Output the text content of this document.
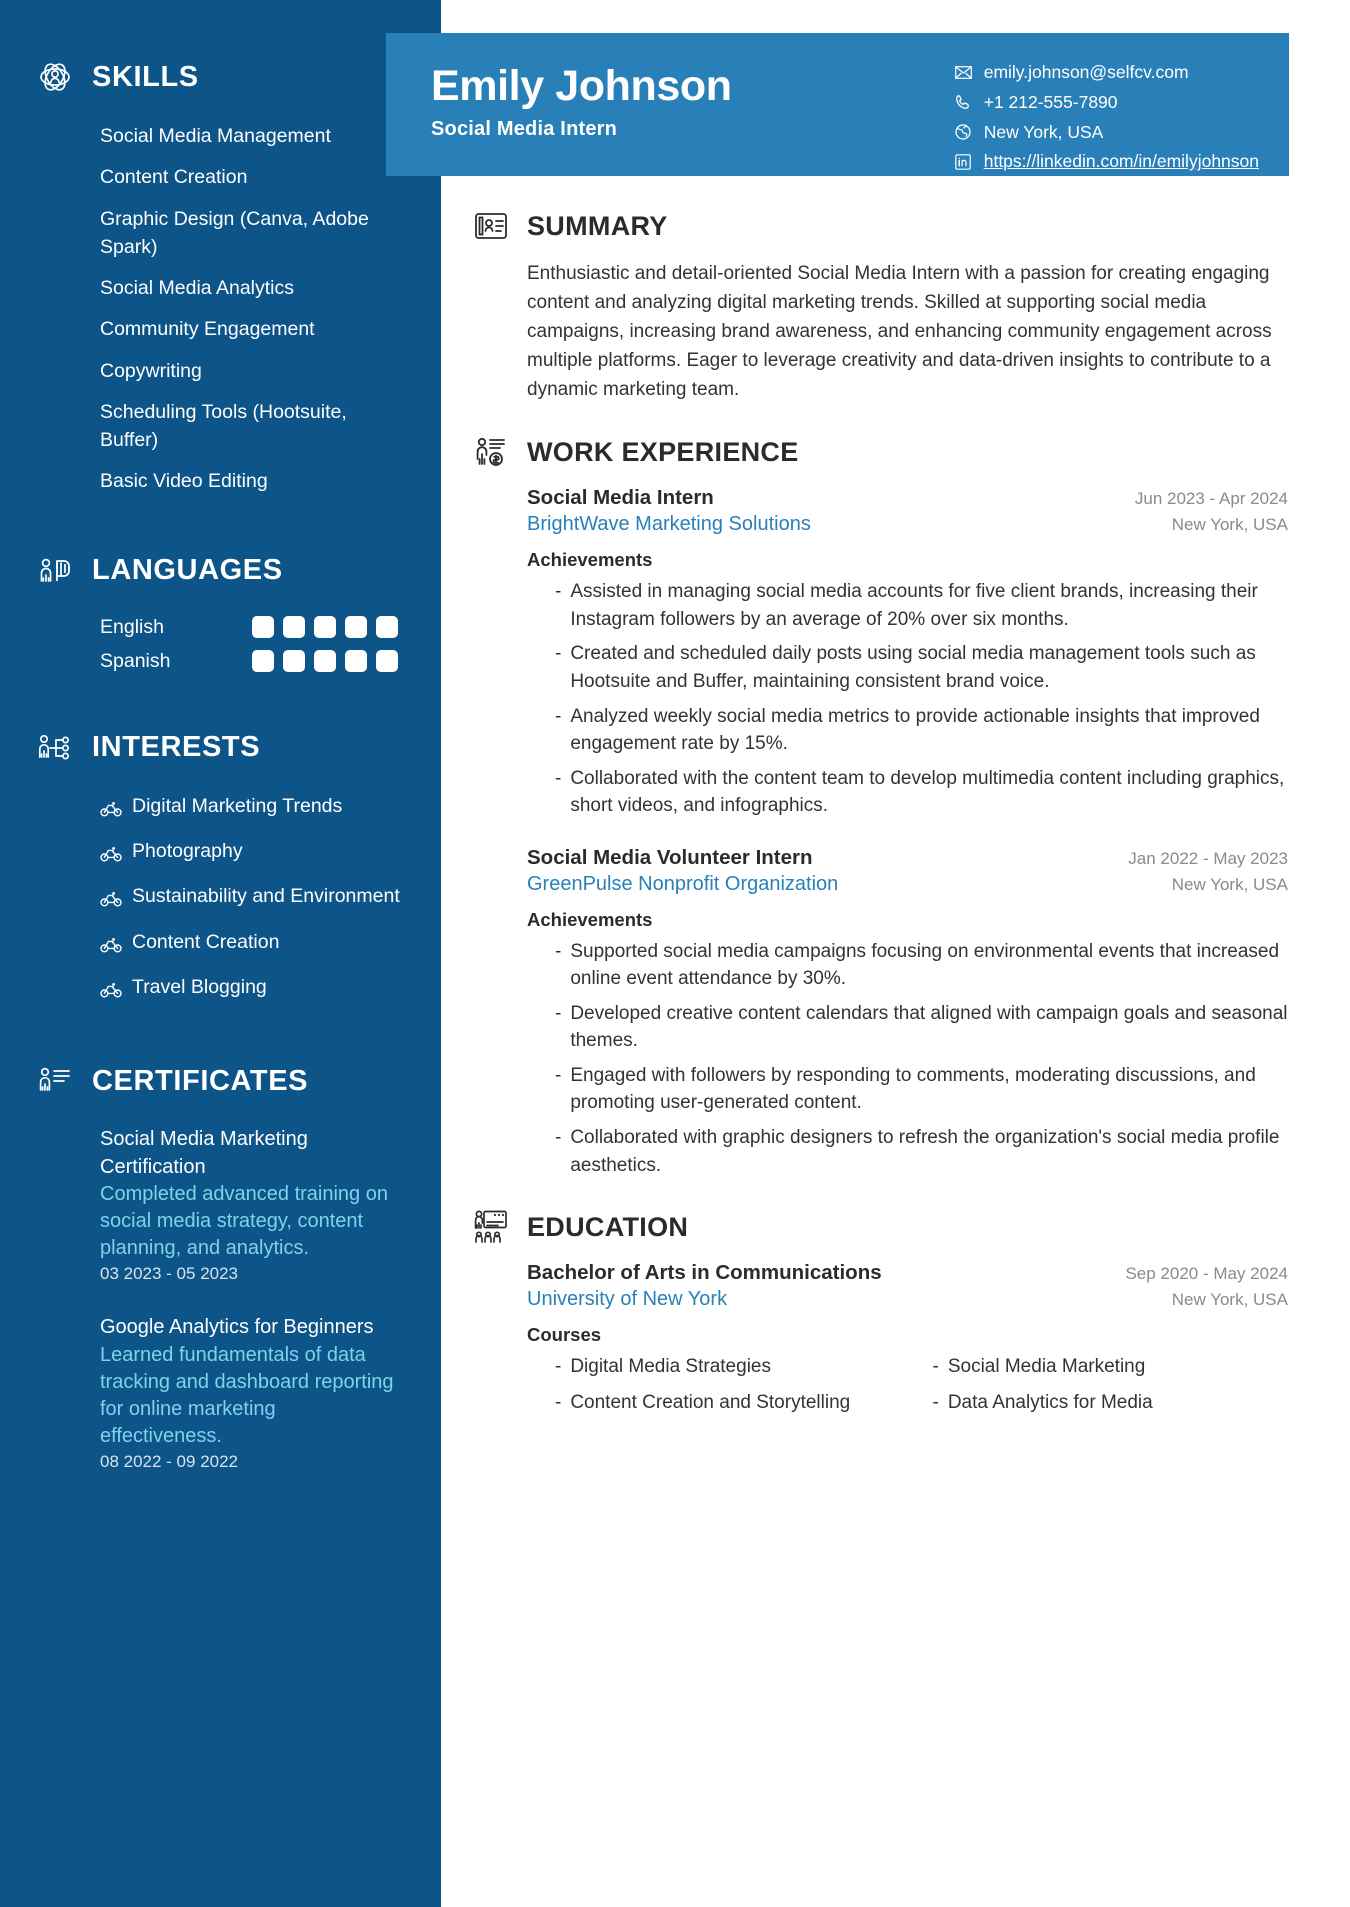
SKILLS
Social Media Management
Content Creation
Graphic Design (Canva, Adobe Spark)
Social Media Analytics
Community Engagement
Copywriting
Scheduling Tools (Hootsuite, Buffer)
Basic Video Editing
LANGUAGES
English
Spanish
INTERESTS
Digital Marketing Trends
Photography
Sustainability and Environment
Content Creation
Travel Blogging
CERTIFICATES
Social Media Marketing Certification
Completed advanced training on social media strategy, content planning, and analytics.
03 2023 - 05 2023
Google Analytics for Beginners
Learned fundamentals of data tracking and dashboard reporting for online marketing effectiveness.
08 2022 - 09 2022
Emily Johnson
Social Media Intern
emily.johnson@selfcv.com
+1 212-555-7890
New York, USA
https://linkedin.com/in/emilyjohnson
SUMMARY

Enthusiastic and detail-oriented Social Media Intern with a passion for creating engaging content and analyzing digital marketing trends. Skilled at supporting social media campaigns, increasing brand awareness, and enhancing community engagement across multiple platforms. Eager to leverage creativity and data-driven insights to contribute to a dynamic marketing team.

WORK EXPERIENCE
Social Media Intern	Jun 2023 - Apr 2024
BrightWave Marketing Solutions	New York, USA
Achievements
- Assisted in managing social media accounts for five client brands, increasing their Instagram followers by an average of 20% over six months.
- Created and scheduled daily posts using social media management tools such as Hootsuite and Buffer, maintaining consistent brand voice.
- Analyzed weekly social media metrics to provide actionable insights that improved engagement rate by 15%.
- Collaborated with the content team to develop multimedia content including graphics, short videos, and infographics.
Social Media Volunteer Intern	Jan 2022 - May 2023
GreenPulse Nonprofit Organization	New York, USA
Achievements
- Supported social media campaigns focusing on environmental events that increased online event attendance by 30%.
- Developed creative content calendars that aligned with campaign goals and seasonal themes.
- Engaged with followers by responding to comments, moderating discussions, and promoting user-generated content.
- Collaborated with graphic designers to refresh the organization's social media profile aesthetics.
EDUCATION
Bachelor of Arts in Communications	Sep 2020 - May 2024
University of New York	New York, USA
Courses
- Digital Media Strategies	- Social Media Marketing
- Content Creation and Storytelling	- Data Analytics for Media
